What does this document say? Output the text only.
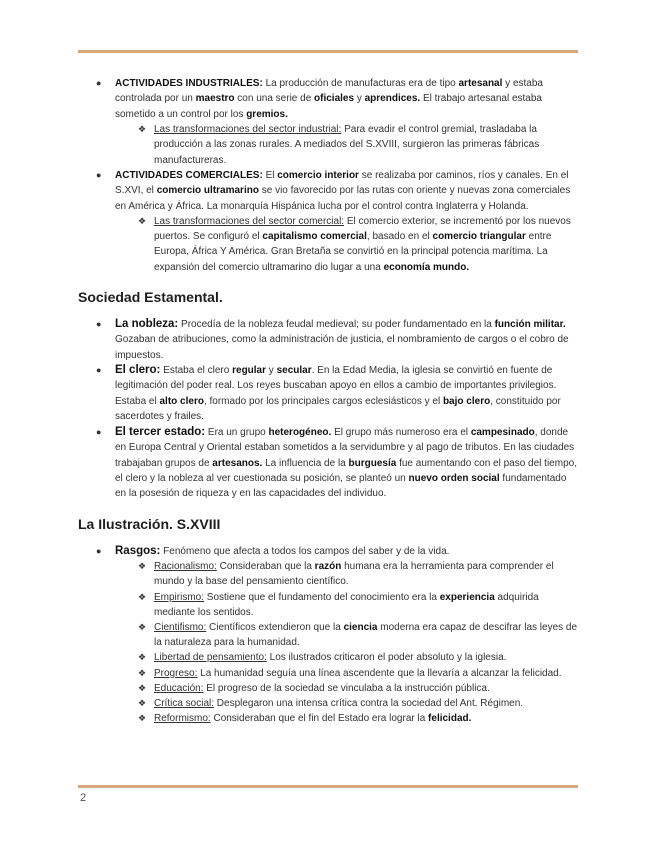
● ACTIVIDADES INDUSTRIALES: La producción de manufacturas era de tipo artesanal y estaba controlada por un maestro con una serie de oficiales y aprendices. El trabajo artesanal estaba sometido a un control por los gremios.
❖ Las transformaciones del sector industrial: Para evadir el control gremial, trasladaba la producción a las zonas rurales. A mediados del S.XVIII, surgieron las primeras fábricas manufactureras.
● ACTIVIDADES COMERCIALES: El comercio interior se realizaba por caminos, ríos y canales. En el S.XVI, el comercio ultramarino se vio favorecido por las rutas con oriente y nuevas zona comerciales en América y África. La monarquía Hispánica lucha por el control contra Inglaterra y Holanda.
❖ Las transformaciones del sector comercial: El comercio exterior, se incrementó por los nuevos puertos. Se configuró el capitalismo comercial, basado en el comercio triangular entre Europa, África Y América. Gran Bretaña se convirtió en la principal potencia marítima. La expansión del comercio ultramarino dio lugar a una economía mundo.
Sociedad Estamental.
● La nobleza: Procedía de la nobleza feudal medieval; su poder fundamentado en la función militar. Gozaban de atribuciones, como la administración de justicia, el nombramiento de cargos o el cobro de impuestos.
● El clero: Estaba el clero regular y secular. En la Edad Media, la iglesia se convirtió en fuente de legitimación del poder real. Los reyes buscaban apoyo en ellos a cambio de importantes privilegios. Estaba el alto clero, formado por los principales cargos eclesiásticos y el bajo clero, constituido por sacerdotes y frailes.
● El tercer estado: Era un grupo heterogéneo. El grupo más numeroso era el campesinado, donde en Europa Central y Oriental estaban sometidos a la servidumbre y al pago de tributos. En las ciudades trabajaban grupos de artesanos. La influencia de la burguesía fue aumentando con el paso del tiempo, el clero y la nobleza al ver cuestionada su posición, se planteó un nuevo orden social fundamentado en la posesión de riqueza y en las capacidades del individuo.
La Ilustración. S.XVIII
● Rasgos: Fenómeno que afecta a todos los campos del saber y de la vida.
❖ Racionalismo: Consideraban que la razón humana era la herramienta para comprender el mundo y la base del pensamiento científico.
❖ Empirismo: Sostiene que el fundamento del conocimiento era la experiencia adquirida mediante los sentidos.
❖ Cientifismo: Científicos extendieron que la ciencia moderna era capaz de descifrar las leyes de la naturaleza para la humanidad.
❖ Libertad de pensamiento: Los ilustrados criticaron el poder absoluto y la iglesia.
❖ Progreso: La humanidad seguía una línea ascendente que la llevaría a alcanzar la felicidad.
❖ Educación: El progreso de la sociedad se vinculaba a la instrucción pública.
❖ Crítica social: Desplegaron una intensa crítica contra la sociedad del Ant. Régimen.
❖ Reformismo: Consideraban que el fin del Estado era lograr la felicidad.
2
